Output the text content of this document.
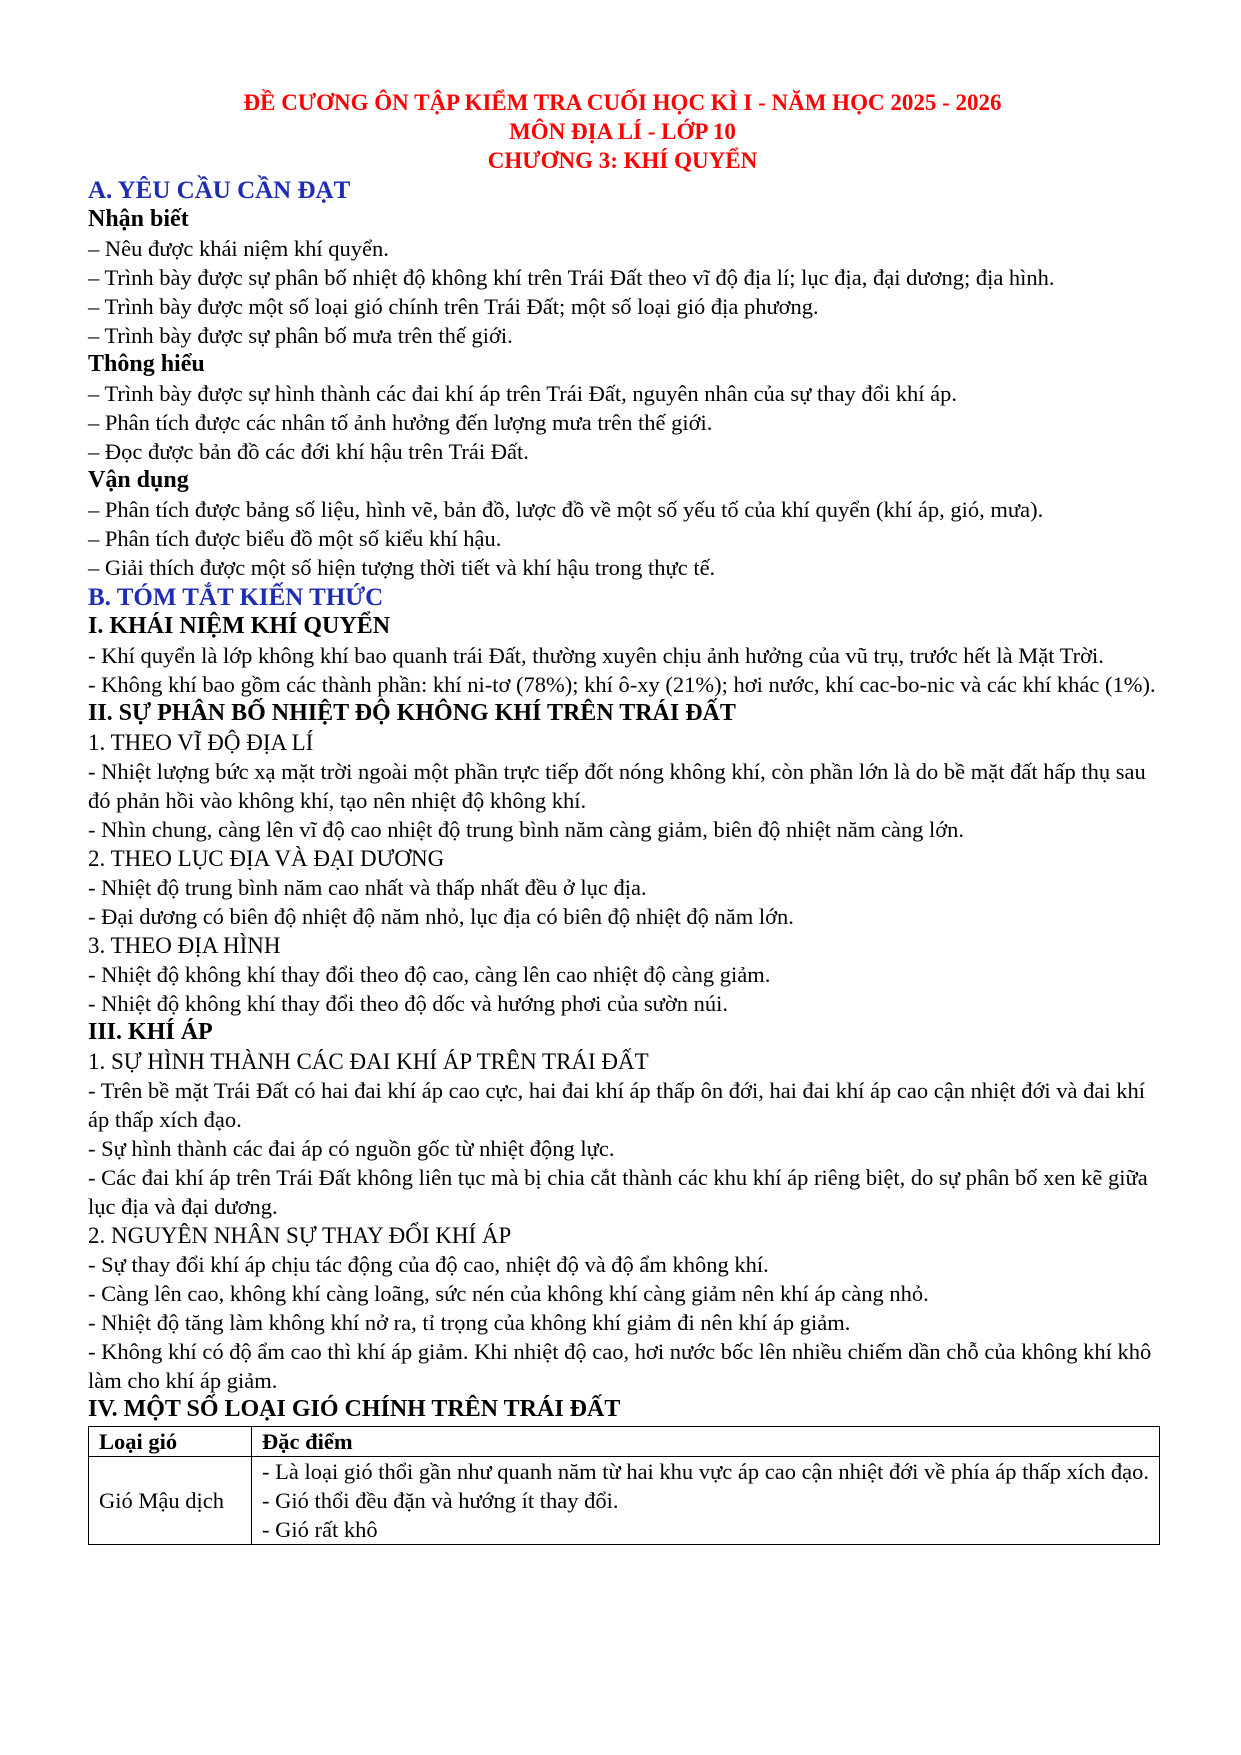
ĐỀ CƯƠNG ÔN TẬP KIỂM TRA CUỐI HỌC KÌ I - NĂM HỌC 2025 - 2026
MÔN ĐỊA LÍ - LỚP 10
CHƯƠNG 3: KHÍ QUYỂN
A. YÊU CẦU CẦN ĐẠT
Nhận biết
– Nêu được khái niệm khí quyển.
– Trình bày được sự phân bố nhiệt độ không khí trên Trái Đất theo vĩ độ địa lí; lục địa, đại dương; địa hình.
– Trình bày được một số loại gió chính trên Trái Đất; một số loại gió địa phương.
– Trình bày được sự phân bố mưa trên thế giới.
Thông hiểu
– Trình bày được sự hình thành các đai khí áp trên Trái Đất, nguyên nhân của sự thay đổi khí áp.
– Phân tích được các nhân tố ảnh hưởng đến lượng mưa trên thế giới.
– Đọc được bản đồ các đới khí hậu trên Trái Đất.
Vận dụng
– Phân tích được bảng số liệu, hình vẽ, bản đồ, lược đồ về một số yếu tố của khí quyển (khí áp, gió, mưa).
– Phân tích được biểu đồ một số kiểu khí hậu.
– Giải thích được một số hiện tượng thời tiết và khí hậu trong thực tế.
B. TÓM TẮT KIẾN THỨC
I. KHÁI NIỆM KHÍ QUYỂN
- Khí quyển là lớp không khí bao quanh trái Đất, thường xuyên chịu ảnh hưởng của vũ trụ, trước hết là Mặt Trời.
- Không khí bao gồm các thành phần: khí ni-tơ (78%); khí ô-xy (21%); hơi nước, khí cac-bo-nic và các khí khác (1%).
II. SỰ PHÂN BỐ NHIỆT ĐỘ KHÔNG KHÍ TRÊN TRÁI ĐẤT
1. THEO VĨ ĐỘ ĐỊA LÍ
- Nhiệt lượng bức xạ mặt trời ngoài một phần trực tiếp đốt nóng không khí, còn phần lớn là do bề mặt đất hấp thụ sau đó phản hồi vào không khí, tạo nên nhiệt độ không khí.
- Nhìn chung, càng lên vĩ độ cao nhiệt độ trung bình năm càng giảm, biên độ nhiệt năm càng lớn.
2. THEO LỤC ĐỊA VÀ ĐẠI DƯƠNG
- Nhiệt độ trung bình năm cao nhất và thấp nhất đều ở lục địa.
- Đại dương có biên độ nhiệt độ năm nhỏ, lục địa có biên độ nhiệt độ năm lớn.
3. THEO ĐỊA HÌNH
- Nhiệt độ không khí thay đổi theo độ cao, càng lên cao nhiệt độ càng giảm.
- Nhiệt độ không khí thay đổi theo độ dốc và hướng phơi của sườn núi.
III. KHÍ ÁP
1. SỰ HÌNH THÀNH CÁC ĐAI KHÍ ÁP TRÊN TRÁI ĐẤT
- Trên bề mặt Trái Đất có hai đai khí áp cao cực, hai đai khí áp thấp ôn đới, hai đai khí áp cao cận nhiệt đới và đai khí áp thấp xích đạo.
- Sự hình thành các đai áp có nguồn gốc từ nhiệt động lực.
- Các đai khí áp trên Trái Đất không liên tục mà bị chia cắt thành các khu khí áp riêng biệt, do sự phân bố xen kẽ giữa lục địa và đại dương.
2. NGUYÊN NHÂN SỰ THAY ĐỔI KHÍ ÁP
- Sự thay đổi khí áp chịu tác động của độ cao, nhiệt độ và độ ẩm không khí.
- Càng lên cao, không khí càng loãng, sức nén của không khí càng giảm nên khí áp càng nhỏ.
- Nhiệt độ tăng làm không khí nở ra, tỉ trọng của không khí giảm đi nên khí áp giảm.
- Không khí có độ ẩm cao thì khí áp giảm. Khi nhiệt độ cao, hơi nước bốc lên nhiều chiếm dần chỗ của không khí khô làm cho khí áp giảm.
IV. MỘT SỐ LOẠI GIÓ CHÍNH TRÊN TRÁI ĐẤT
Loại gió	Đặc điểm
Gió Mậu dịch	- Là loại gió thổi gần như quanh năm từ hai khu vực áp cao cận nhiệt đới về phía áp thấp xích đạo.
- Gió thổi đều đặn và hướng ít thay đổi.
- Gió rất khô
